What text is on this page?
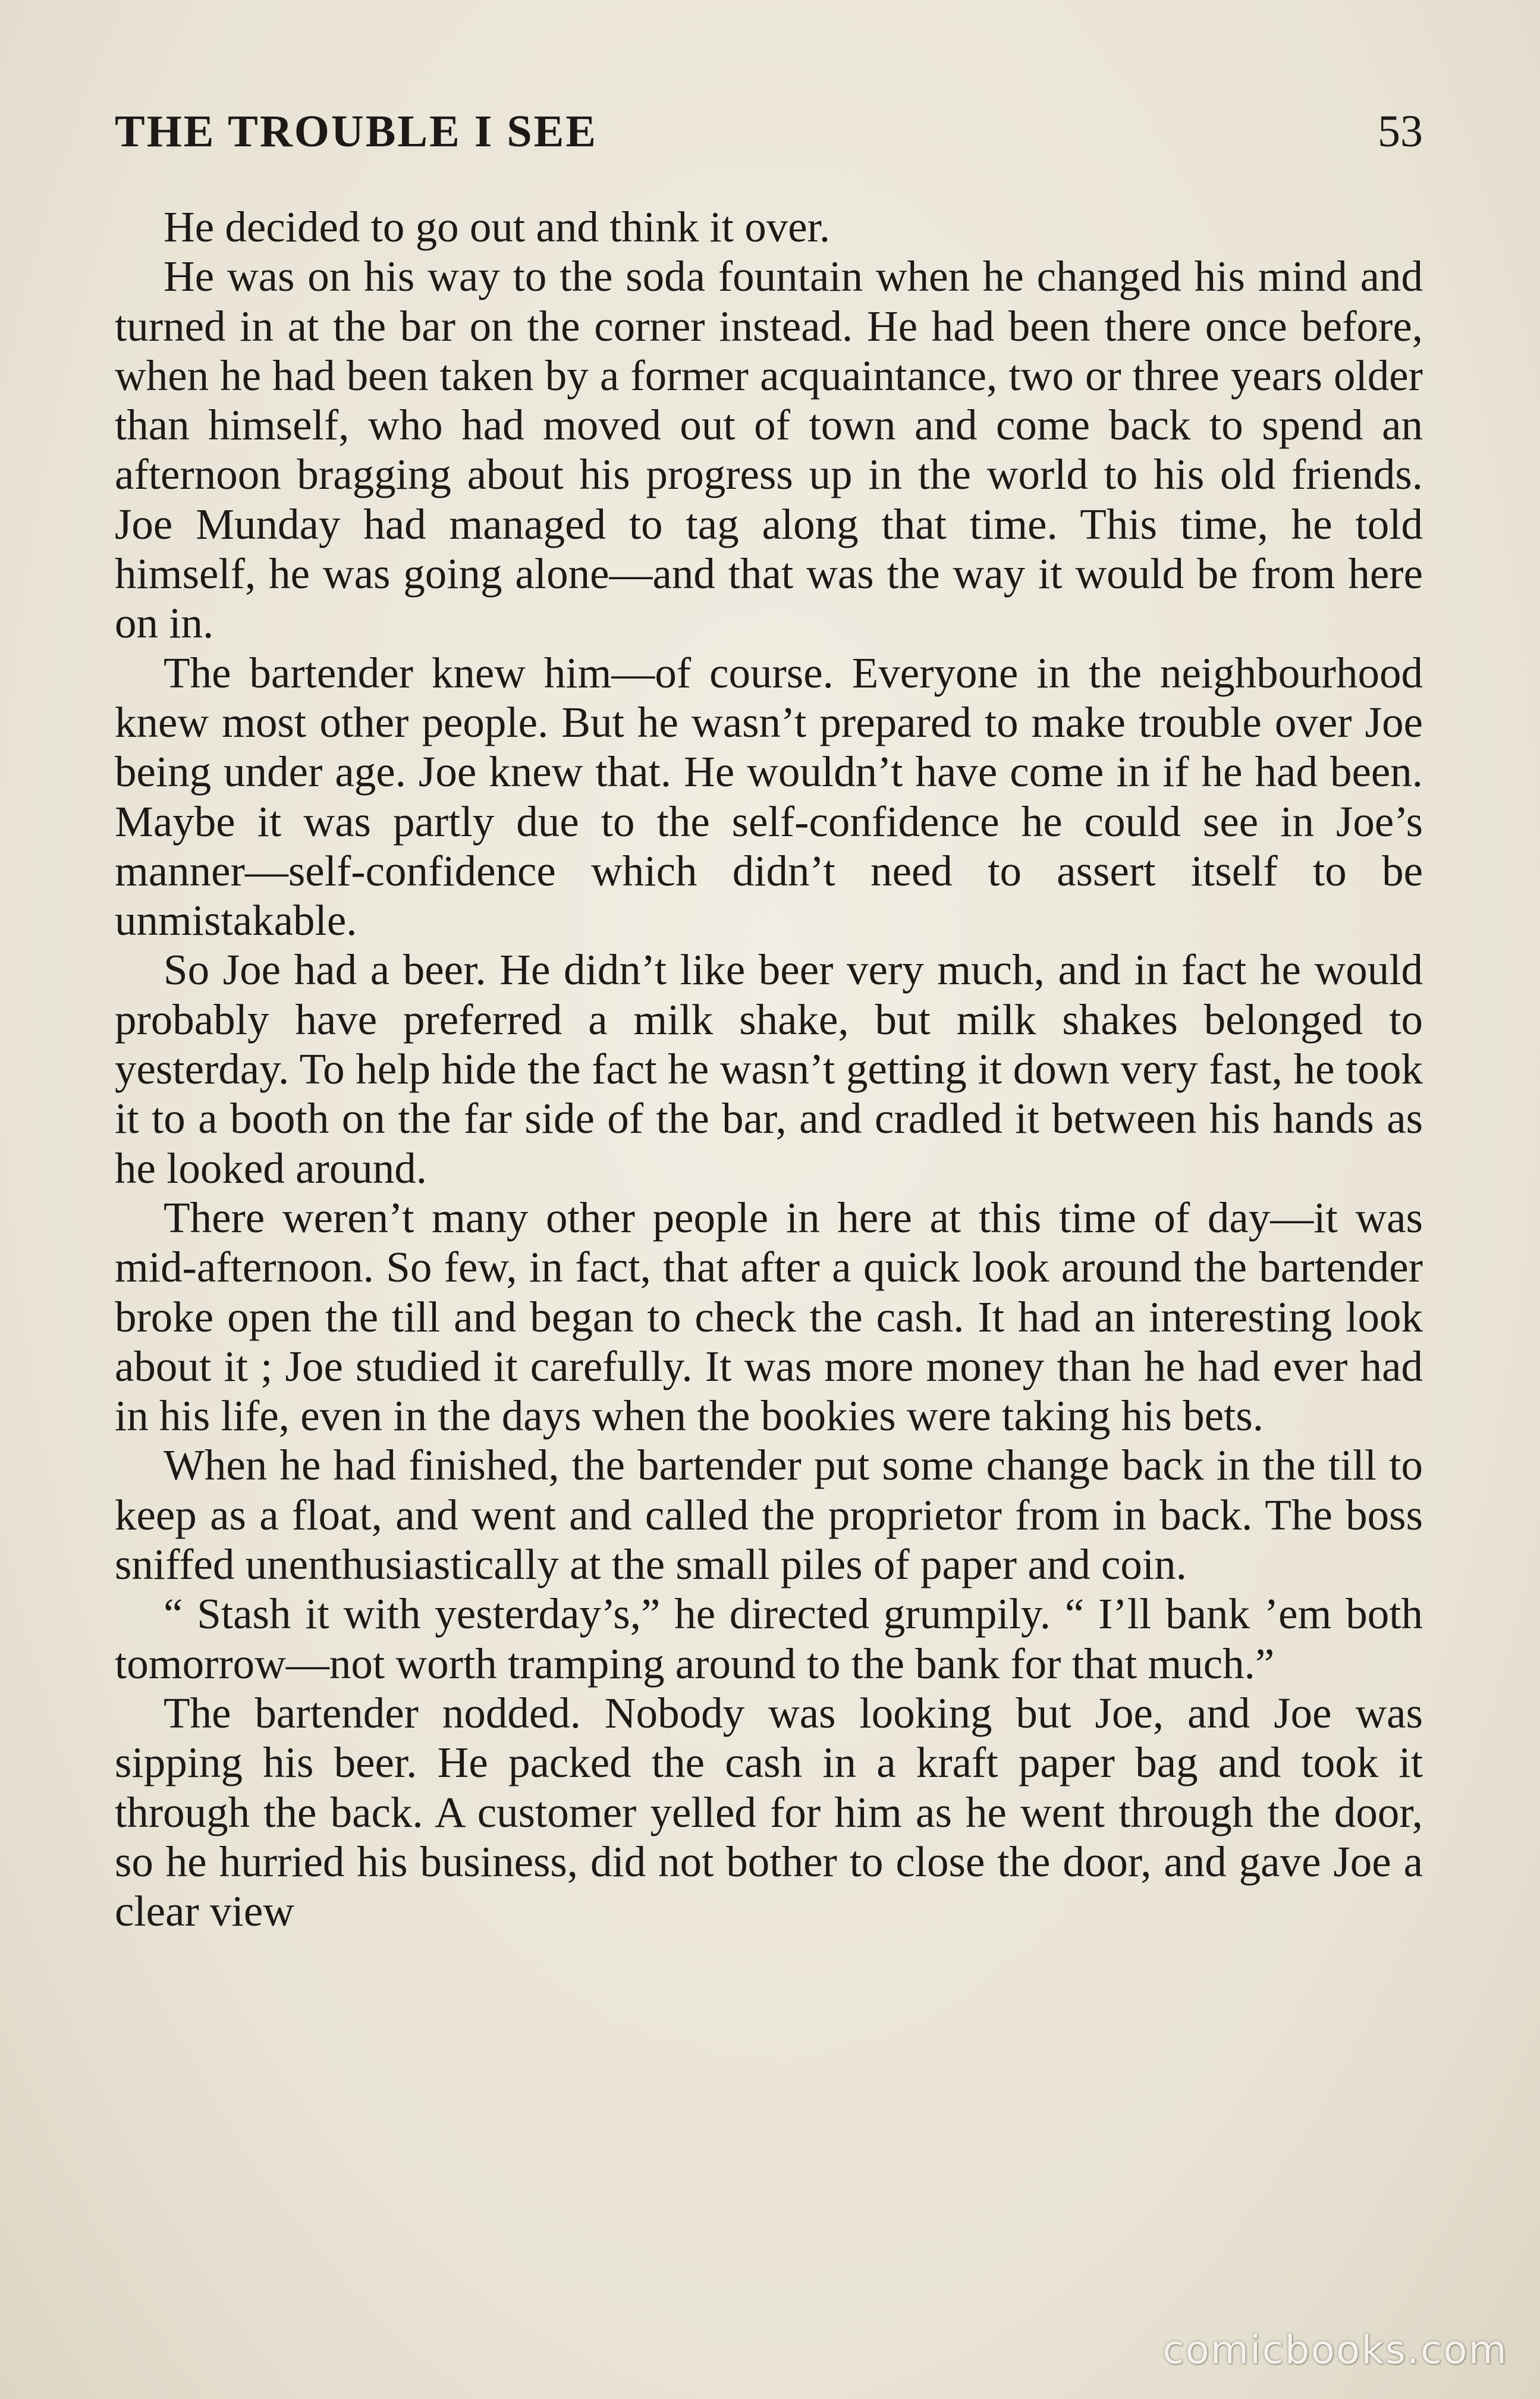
THE TROUBLE I SEE	53

He decided to go out and think it over.

He was on his way to the soda fountain when he changed his mind and turned in at the bar on the corner instead. He had been there once before, when he had been taken by a former acquaintance, two or three years older than himself, who had moved out of town and come back to spend an afternoon bragging about his progress up in the world to his old friends. Joe Munday had managed to tag along that time. This time, he told himself, he was going alone—and that was the way it would be from here on in.

The bartender knew him—of course. Everyone in the neighbourhood knew most other people. But he wasn’t prepared to make trouble over Joe being under age. Joe knew that. He wouldn’t have come in if he had been. Maybe it was partly due to the self-confidence he could see in Joe’s manner—self-confidence which didn’t need to assert itself to be unmistakable.

So Joe had a beer. He didn’t like beer very much, and in fact he would probably have preferred a milk shake, but milk shakes belonged to yesterday. To help hide the fact he wasn’t getting it down very fast, he took it to a booth on the far side of the bar, and cradled it between his hands as he looked around.

There weren’t many other people in here at this time of day—it was mid-afternoon. So few, in fact, that after a quick look around the bartender broke open the till and began to check the cash. It had an interesting look about it ; Joe studied it carefully. It was more money than he had ever had in his life, even in the days when the bookies were taking his bets.

When he had finished, the bartender put some change back in the till to keep as a float, and went and called the proprietor from in back. The boss sniffed unenthusiastically at the small piles of paper and coin.

“ Stash it with yesterday’s,” he directed grumpily. “ I’ll bank ’em both tomorrow—not worth tramping around to the bank for that much.”

The bartender nodded. Nobody was looking but Joe, and Joe was sipping his beer. He packed the cash in a kraft paper bag and took it through the back. A customer yelled for him as he went through the door, so he hurried his business, did not bother to close the door, and gave Joe a clear view

comicbooks.com
